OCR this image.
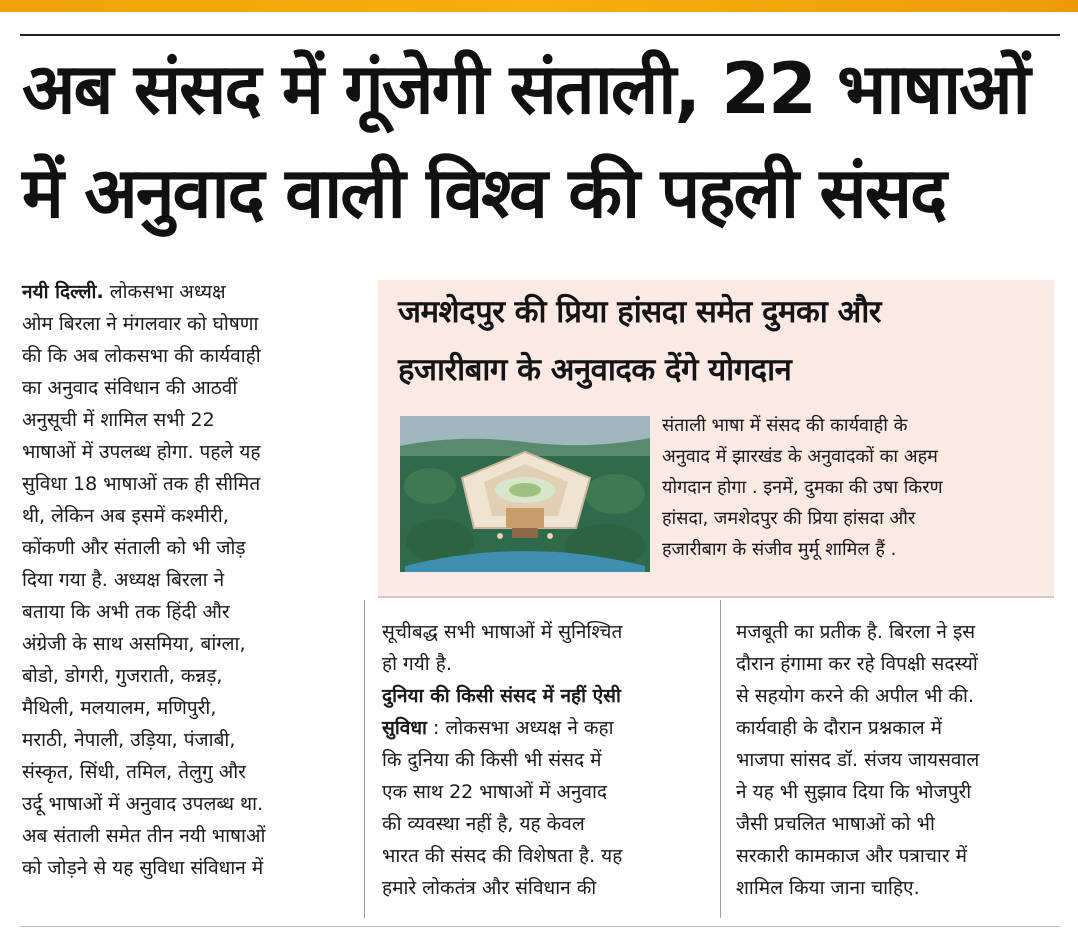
अब संसद में गूंजेगी संताली, 22 भाषाओं
में अनुवाद वाली विश्व की पहली संसद
नयी दिल्ली. लोकसभा अध्यक्ष
ओम बिरला ने मंगलवार को घोषणा
की कि अब लोकसभा की कार्यवाही
का अनुवाद संविधान की आठवीं
अनुसूची में शामिल सभी 22
भाषाओं में उपलब्ध होगा. पहले यह
सुविधा 18 भाषाओं तक ही सीमित
थी, लेकिन अब इसमें कश्मीरी,
कोंकणी और संताली को भी जोड़
दिया गया है. अध्यक्ष बिरला ने
बताया कि अभी तक हिंदी और
अंग्रेजी के साथ असमिया, बांग्ला,
बोडो, डोगरी, गुजराती, कन्नड़,
मैथिली, मलयालम, मणिपुरी,
मराठी, नेपाली, उड़िया, पंजाबी,
संस्कृत, सिंधी, तमिल, तेलुगु और
उर्दू भाषाओं में अनुवाद उपलब्ध था.
अब संताली समेत तीन नयी भाषाओं
को जोड़ने से यह सुविधा संविधान में
जमशेदपुर की प्रिया हांसदा समेत दुमका और
हजारीबाग के अनुवादक देंगे योगदान
संताली भाषा में संसद की कार्यवाही के
अनुवाद में झारखंड के अनुवादकों का अहम
योगदान होगा . इनमें, दुमका की उषा किरण
हांसदा, जमशेदपुर की प्रिया हांसदा और
हजारीबाग के संजीव मुर्मू शामिल हैं .
सूचीबद्ध सभी भाषाओं में सुनिश्चित
हो गयी है.
दुनिया की किसी संसद में नहीं ऐसी
सुविधा : लोकसभा अध्यक्ष ने कहा
कि दुनिया की किसी भी संसद में
एक साथ 22 भाषाओं में अनुवाद
की व्यवस्था नहीं है, यह केवल
भारत की संसद की विशेषता है. यह
हमारे लोकतंत्र और संविधान की
मजबूती का प्रतीक है. बिरला ने इस
दौरान हंगामा कर रहे विपक्षी सदस्यों
से सहयोग करने की अपील भी की.
कार्यवाही के दौरान प्रश्नकाल में
भाजपा सांसद डॉ. संजय जायसवाल
ने यह भी सुझाव दिया कि भोजपुरी
जैसी प्रचलित भाषाओं को भी
सरकारी कामकाज और पत्राचार में
शामिल किया जाना चाहिए.
